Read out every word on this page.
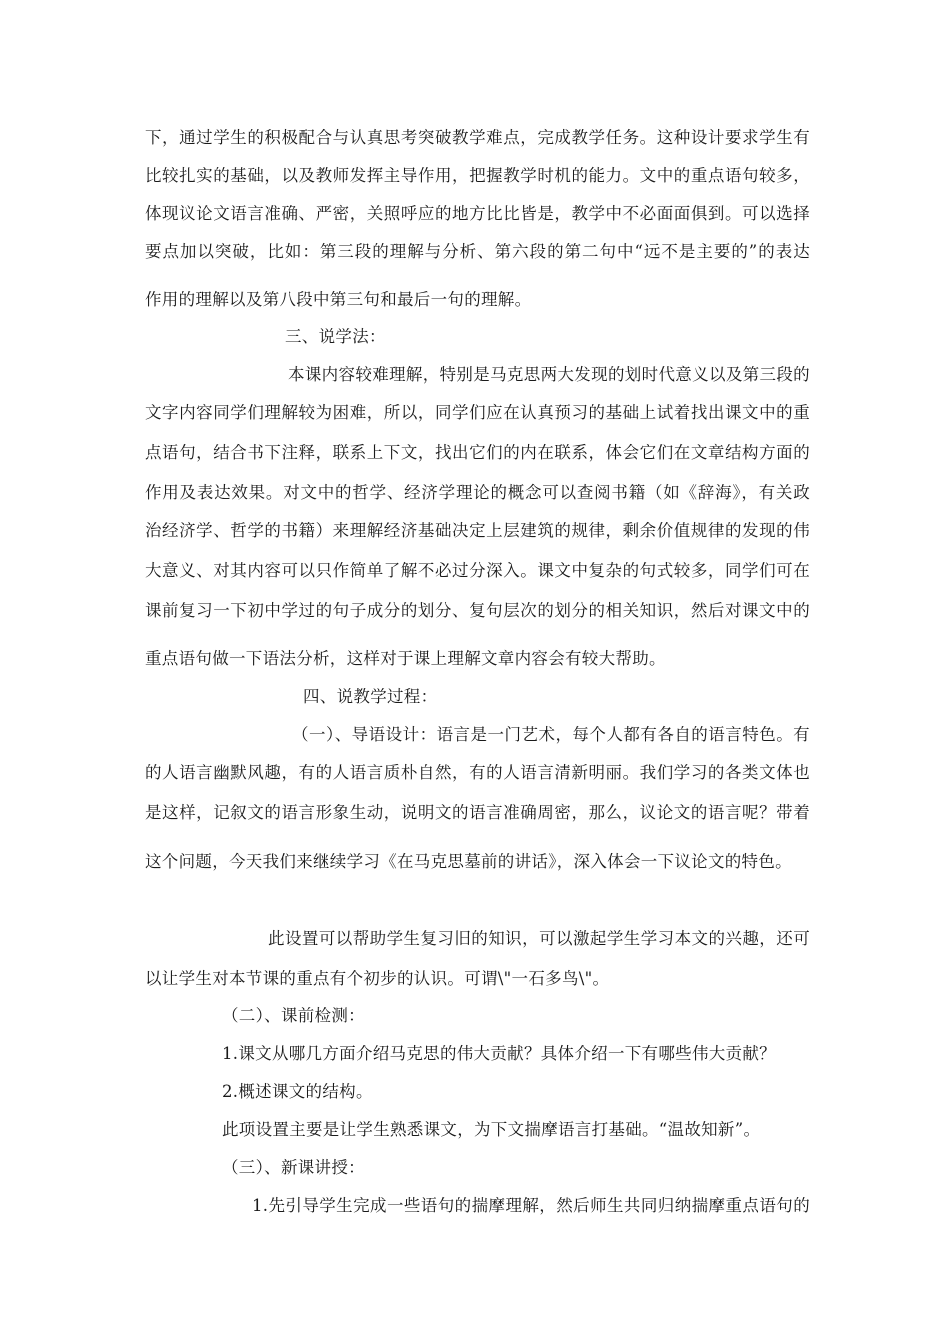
下，通过学生的积极配合与认真思考突破教学难点，完成教学任务。这种设计要求学生有
比较扎实的基础，以及教师发挥主导作用，把握教学时机的能力。文中的重点语句较多，
体现议论文语言准确、严密，关照呼应的地方比比皆是，教学中不必面面俱到。可以选择
要点加以突破，比如：第三段的理解与分析、第六段的第二句中“远不是主要的”的表达
作用的理解以及第八段中第三句和最后一句的理解。
三、说学法：
本课内容较难理解，特别是马克思两大发现的划时代意义以及第三段的
文字内容同学们理解较为困难，所以，同学们应在认真预习的基础上试着找出课文中的重
点语句，结合书下注释，联系上下文，找出它们的内在联系，体会它们在文章结构方面的
作用及表达效果。对文中的哲学、经济学理论的概念可以查阅书籍（如《辞海》，有关政
治经济学、哲学的书籍）来理解经济基础决定上层建筑的规律，剩余价值规律的发现的伟
大意义、对其内容可以只作简单了解不必过分深入。课文中复杂的句式较多，同学们可在
课前复习一下初中学过的句子成分的划分、复句层次的划分的相关知识，然后对课文中的
重点语句做一下语法分析，这样对于课上理解文章内容会有较大帮助。
四、说教学过程：
（一）、导语设计：语言是一门艺术，每个人都有各自的语言特色。有
的人语言幽默风趣，有的人语言质朴自然，有的人语言清新明丽。我们学习的各类文体也
是这样，记叙文的语言形象生动，说明文的语言准确周密，那么，议论文的语言呢？带着
这个问题，今天我们来继续学习《在马克思墓前的讲话》，深入体会一下议论文的特色。
此设置可以帮助学生复习旧的知识，可以激起学生学习本文的兴趣，还可
以让学生对本节课的重点有个初步的认识。可谓\"一石多鸟\"。
（二）、课前检测：
1.课文从哪几方面介绍马克思的伟大贡献？具体介绍一下有哪些伟大贡献？
2.概述课文的结构。
此项设置主要是让学生熟悉课文，为下文揣摩语言打基础。“温故知新”。
（三）、新课讲授：
1.先引导学生完成一些语句的揣摩理解，然后师生共同归纳揣摩重点语句的
